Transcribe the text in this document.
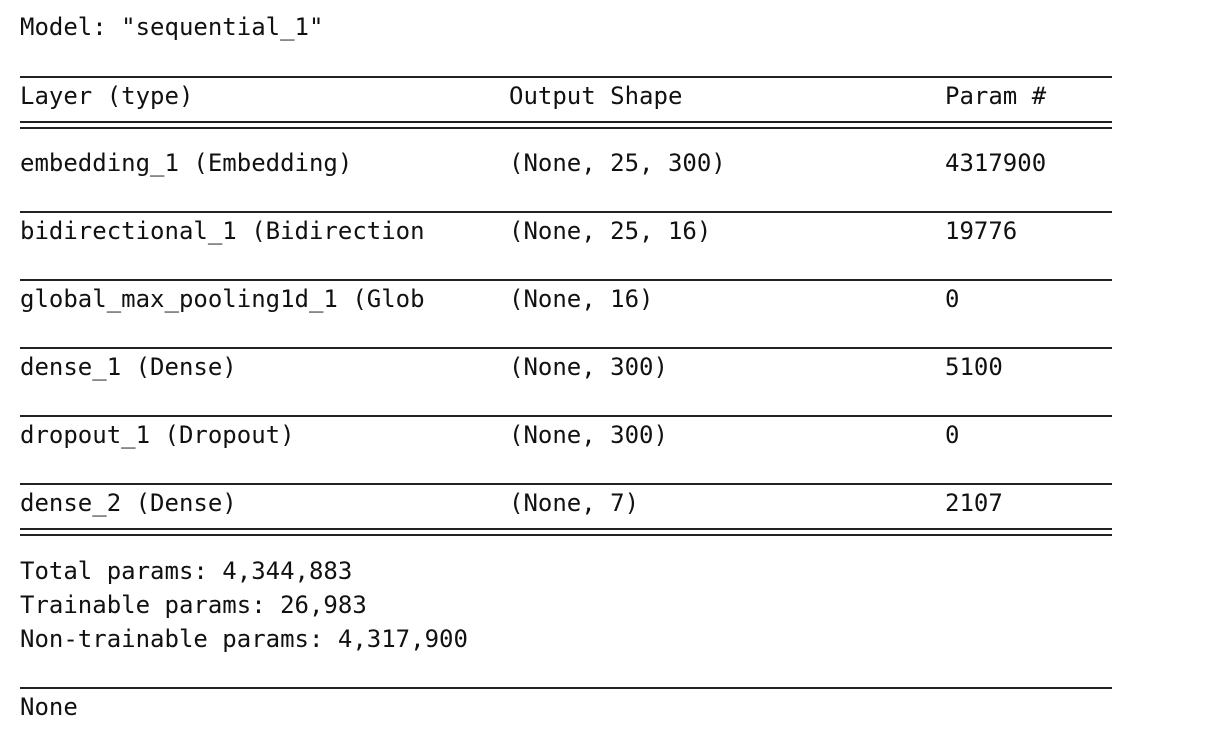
Model: "sequential_1"
Layer (type)	Output Shape	Param #
embedding_1 (Embedding)	(None, 25, 300)	4317900
bidirectional_1 (Bidirection	(None, 25, 16)	19776
global_max_pooling1d_1 (Glob	(None, 16)	0
dense_1 (Dense)	(None, 300)	5100
dropout_1 (Dropout)	(None, 300)	0
dense_2 (Dense)	(None, 7)	2107
Total params: 4,344,883
Trainable params: 26,983
Non-trainable params: 4,317,900
None
